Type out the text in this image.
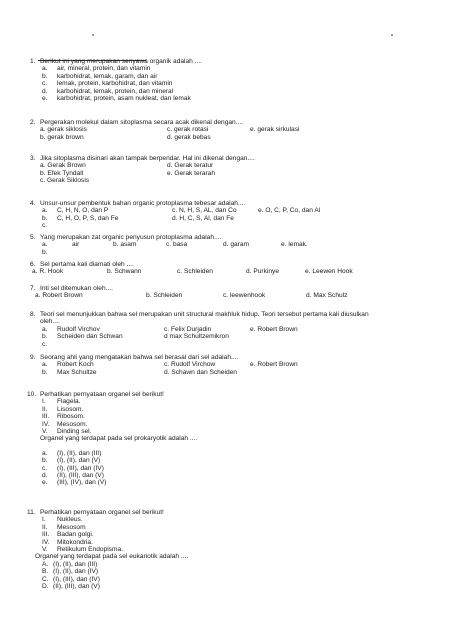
1. Berikut ini yang merupakan senyawa organik adalah ....
a. air, mineral, protein, dan vitamin
b. karbohidrat, lemak, garam, dan air
c. lemak, protein, karbohidrat, dan vitamin
d. karbohidrat, lemak, protein, dan mineral
e. karbohidrat, protein, asam nukleat, dan lemak
2. Pergerakan molekul dalam sitoplasma secara acak dikenal dengan....
a. gerak siklosis	c. gerak rotasi	e. gerak sirkulasi
b. gerak brown	d. gerak bebas
3. Jika sitoplasma disinari akan tampak berpendar. Hal ini dikenal dengan....
a. Gerak Brown	d. Gerak teratur
b. Efek Tyndall	e. Gerak terarah
c. Gerak Siklosis
4. Unsur-unsur pembentuk bahan organic protoplasma tebesar adalah....
a. C, H, N, O, dan P	c. N, H, S, AL, dan Co	e. O, C, P, Co, dan Al
b. C, H, O, P, S, dan Fe	d. H, C, S, Al, dan Fe
c.
5. Yang merupakan zat organic penyusun protoplasma adalah....
a.	air	b. asam	c. basa	d. garam	e. lemak.
b.
6. Sel pertama kali diamati oleh ....
a. R. Hook	b. Schwann	c. Schleiden	d. Purkinye	e. Leewen Hook
7. Inti sel ditemukan oleh....
a. Robert Brown	b. Schleiden	c. leewenhook	d. Max Schulz
8. Teori sel menunjukkan bahwa sel merupakan unit structural makhluk hidup. Teori tersebut pertama kali diusulkan
oleh....
a. Rudolf Virchov	c. Felix Durjadin	e. Robert Brown
b. Scheiden dan Schwan	d max Schultzemikron
c.
9. Seorang ahli yang mengatakan bahwa sel berasal dari sel adalah....
a. Robert Koch	c. Rudolf Virchow	e. Robert Brown
b. Max Schultze	d. Schawn dan Scheiden
10. Perhatikan pernyataan organel sel berikut!
I. Flagela.
II. Lisosom.
III. Ribosom.
IV. Mesosom.
V. Dinding sel.
Organel yang terdapat pada sel prokaryotik adalah ....
a. (I), (II), dan (III)
b. (I), (II), dan (V)
c. (I), (III), dan (IV)
d. (II), (III), dan (V)
e. (III), (IV), dan (V)
11. Perhatikan pernyataan organel sel berikut!
I. Nukleus.
II. Mesosom
III. Badan golgi.
IV. Mitokondria.
V. Retikulum Endoplsma.
Organel yang terdapat pada sel eukariotik adalah ....
A. (I), (II), dan (III)
B. (I), (II), dan (IV)
C. (I), (III), dan (IV)
D. (II), (III), dan (V)
